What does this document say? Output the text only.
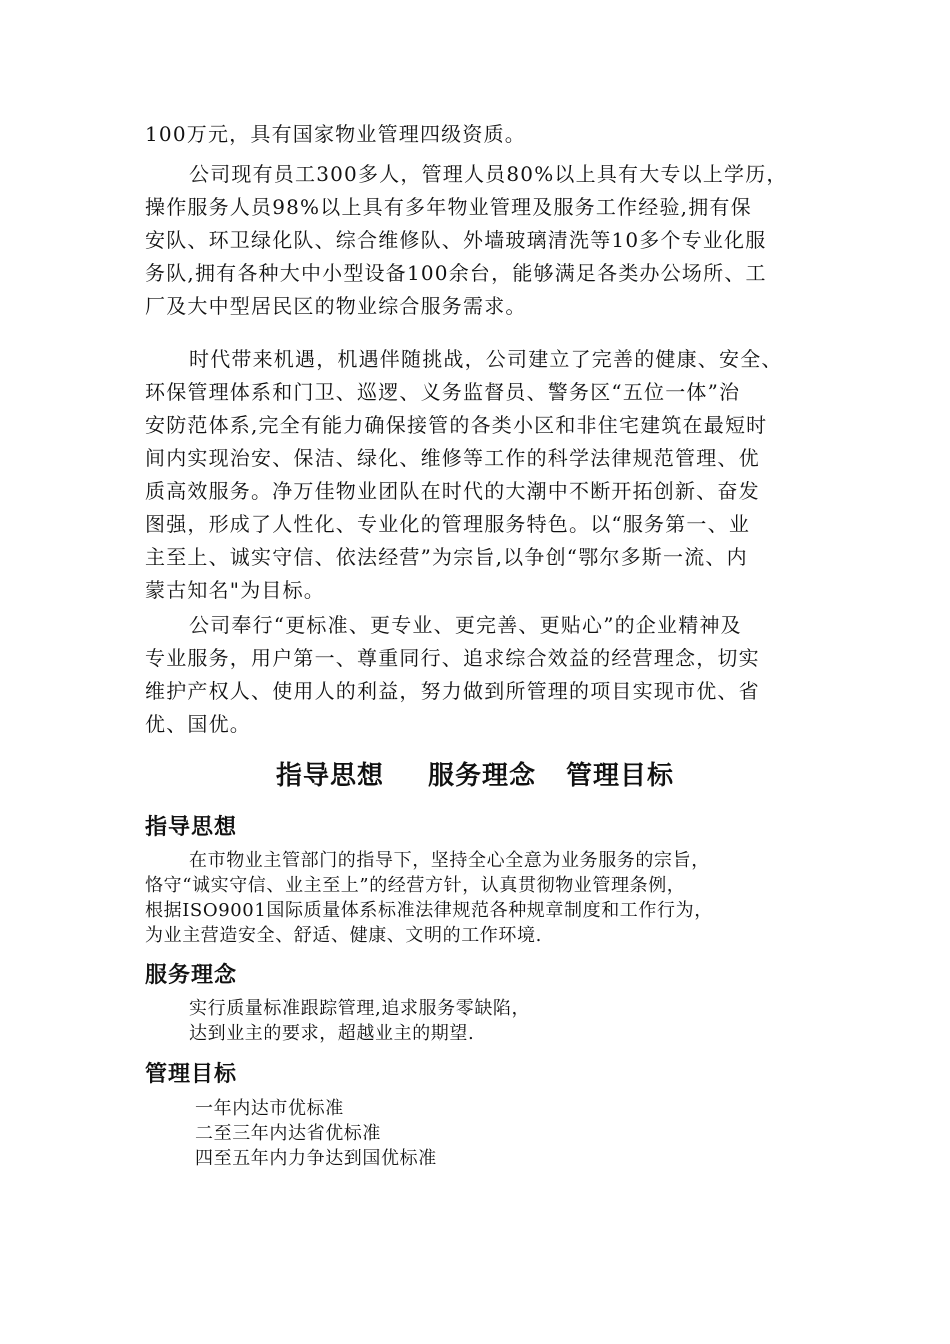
100万元，具有国家物业管理四级资质。

公司现有员工300多人，管理人员80%以上具有大专以上学历，
操作服务人员98%以上具有多年物业管理及服务工作经验,拥有保
安队、环卫绿化队、综合维修队、外墙玻璃清洗等10多个专业化服
务队,拥有各种大中小型设备100余台，能够满足各类办公场所、工
厂及大中型居民区的物业综合服务需求。

时代带来机遇，机遇伴随挑战，公司建立了完善的健康、安全、
环保管理体系和门卫、巡逻、义务监督员、警务区“五位一体”治
安防范体系,完全有能力确保接管的各类小区和非住宅建筑在最短时
间内实现治安、保洁、绿化、维修等工作的科学法律规范管理、优
质高效服务。净万佳物业团队在时代的大潮中不断开拓创新、奋发
图强，形成了人性化、专业化的管理服务特色。以“服务第一、业
主至上、诚实守信、依法经营”为宗旨,以争创“鄂尔多斯一流、内
蒙古知名"为目标。

公司奉行“更标准、更专业、更完善、更贴心”的企业精神及
专业服务，用户第一、尊重同行、追求综合效益的经营理念，切实
维护产权人、使用人的利益，努力做到所管理的项目实现市优、省
优、国优。

指导思想 服务理念 管理目标
指导思想

在市物业主管部门的指导下，坚持全心全意为业务服务的宗旨，
恪守“诚实守信、业主至上”的经营方针，认真贯彻物业管理条例，
根据ISO9001国际质量体系标准法律规范各种规章制度和工作行为，
为业主营造安全、舒适、健康、文明的工作环境.

服务理念

实行质量标准跟踪管理,追求服务零缺陷，
达到业主的要求，超越业主的期望.

管理目标

一年内达市优标准
二至三年内达省优标准
四至五年内力争达到国优标准
